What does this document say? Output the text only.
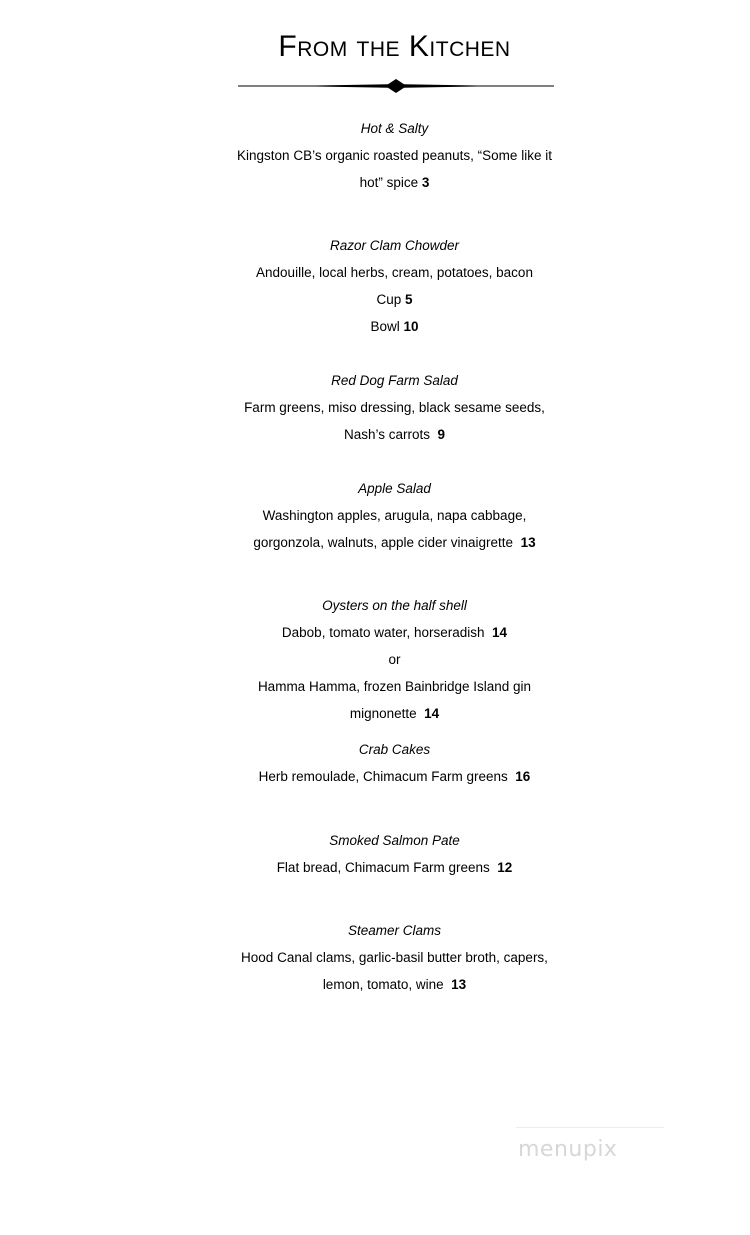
From the Kitchen
Hot & Salty
Kingston CB’s organic roasted peanuts, “Some like it
hot” spice 3
Razor Clam Chowder
Andouille, local herbs, cream, potatoes, bacon
Cup 5
Bowl 10
Red Dog Farm Salad
Farm greens, miso dressing, black sesame seeds,
Nash’s carrots 9
Apple Salad
Washington apples, arugula, napa cabbage,
gorgonzola, walnuts, apple cider vinaigrette 13
Oysters on the half shell
Dabob, tomato water, horseradish 14
or
Hamma Hamma, frozen Bainbridge Island gin
mignonette 14
Crab Cakes
Herb remoulade, Chimacum Farm greens 16
Smoked Salmon Pate
Flat bread, Chimacum Farm greens 12
Steamer Clams
Hood Canal clams, garlic-basil butter broth, capers,
lemon, tomato, wine 13
menupix
